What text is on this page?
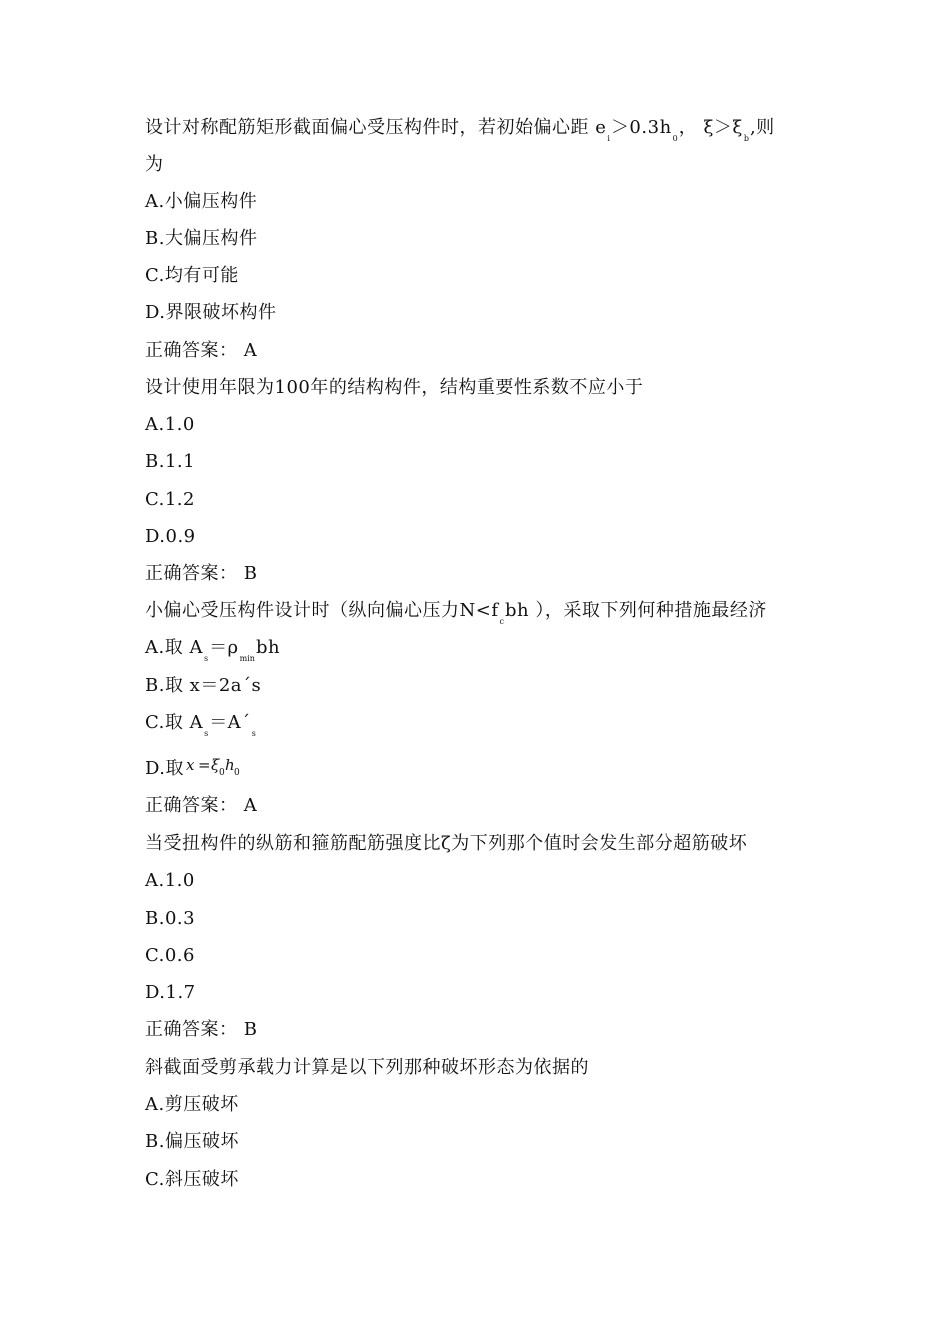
设计对称配筋矩形截面偏心受压构件时，若初始偏心距 $e_i>0.3h_0$， $\xi>\xi_b$,则
为
A.小偏压构件
B.大偏压构件
C.均有可能
D.界限破坏构件
正确答案： A
设计使用年限为100年的结构构件，结构重要性系数不应小于
A.1.0
B.1.1
C.1.2
D.0.9
正确答案： B
小偏心受压构件设计时（纵向偏心压力$N<f_cbh$ ），采取下列何种措施最经济
A.取 $A_s=\rho_{min}bh$
B.取 x＝2a´s
C.取 $A_s=A´_s$
D.取 x = ξ 0 h
0
正确答案： A
当受扭构件的纵筋和箍筋配筋强度比ζ为下列那个值时会发生部分超筋破坏
A.1.0
B.0.3
C.0.6
D.1.7
正确答案： B
斜截面受剪承载力计算是以下列那种破坏形态为依据的
A.剪压破坏
B.偏压破坏
C.斜压破坏
